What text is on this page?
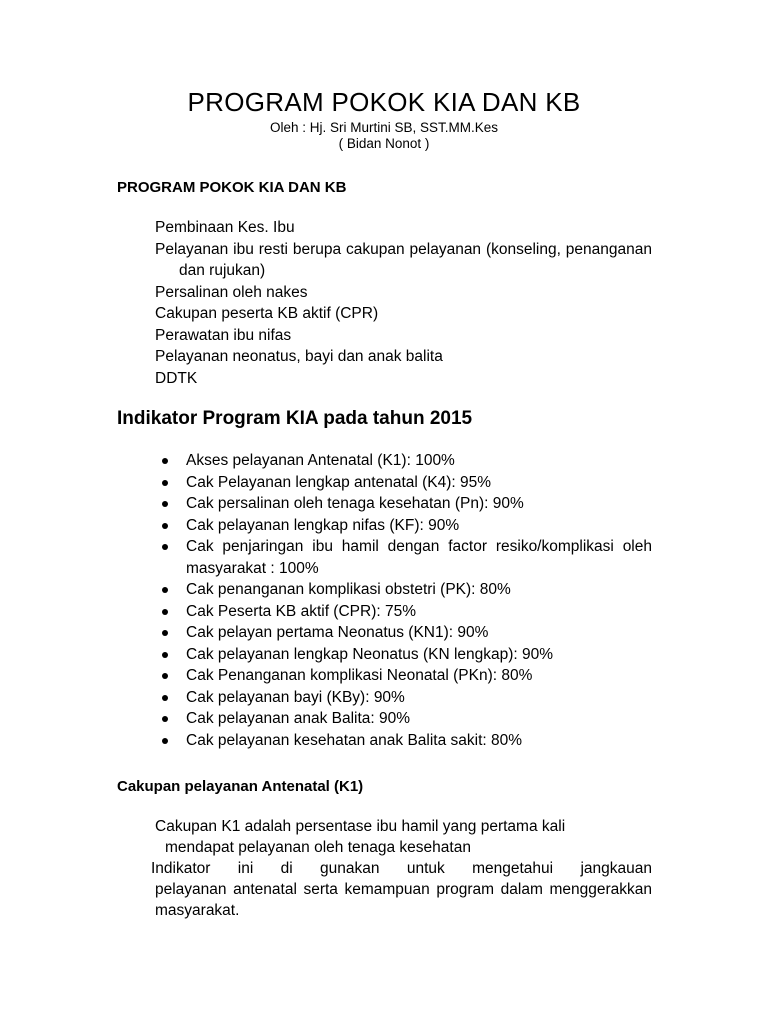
PROGRAM POKOK KIA DAN KB
Oleh : Hj. Sri Murtini SB, SST.MM.Kes
( Bidan Nonot )
PROGRAM POKOK KIA DAN KB
Pembinaan Kes. Ibu
Pelayanan ibu resti berupa cakupan pelayanan (konseling, penanganan dan rujukan)
Persalinan oleh nakes
Cakupan peserta KB aktif (CPR)
Perawatan ibu nifas
Pelayanan neonatus, bayi dan anak balita
DDTK
Indikator Program KIA pada tahun 2015
Akses pelayanan Antenatal (K1): 100%
Cak Pelayanan lengkap antenatal (K4): 95%
Cak persalinan oleh tenaga kesehatan (Pn): 90%
Cak pelayanan lengkap nifas (KF): 90%
Cak penjaringan ibu hamil dengan factor resiko/komplikasi oleh masyarakat : 100%
Cak penanganan komplikasi obstetri (PK): 80%
Cak Peserta KB aktif (CPR): 75%
Cak pelayan pertama Neonatus (KN1): 90%
Cak pelayanan lengkap Neonatus (KN lengkap): 90%
Cak Penanganan komplikasi Neonatal (PKn): 80%
Cak pelayanan bayi (KBy): 90%
Cak pelayanan anak Balita: 90%
Cak pelayanan kesehatan anak Balita sakit: 80%
Cakupan pelayanan Antenatal (K1)
Cakupan K1 adalah persentase ibu hamil yang pertama kali
mendapat pelayanan oleh tenaga kesehatan
Indikator ini di gunakan untuk mengetahui jangkauan
pelayanan antenatal serta kemampuan program dalam menggerakkan masyarakat.
